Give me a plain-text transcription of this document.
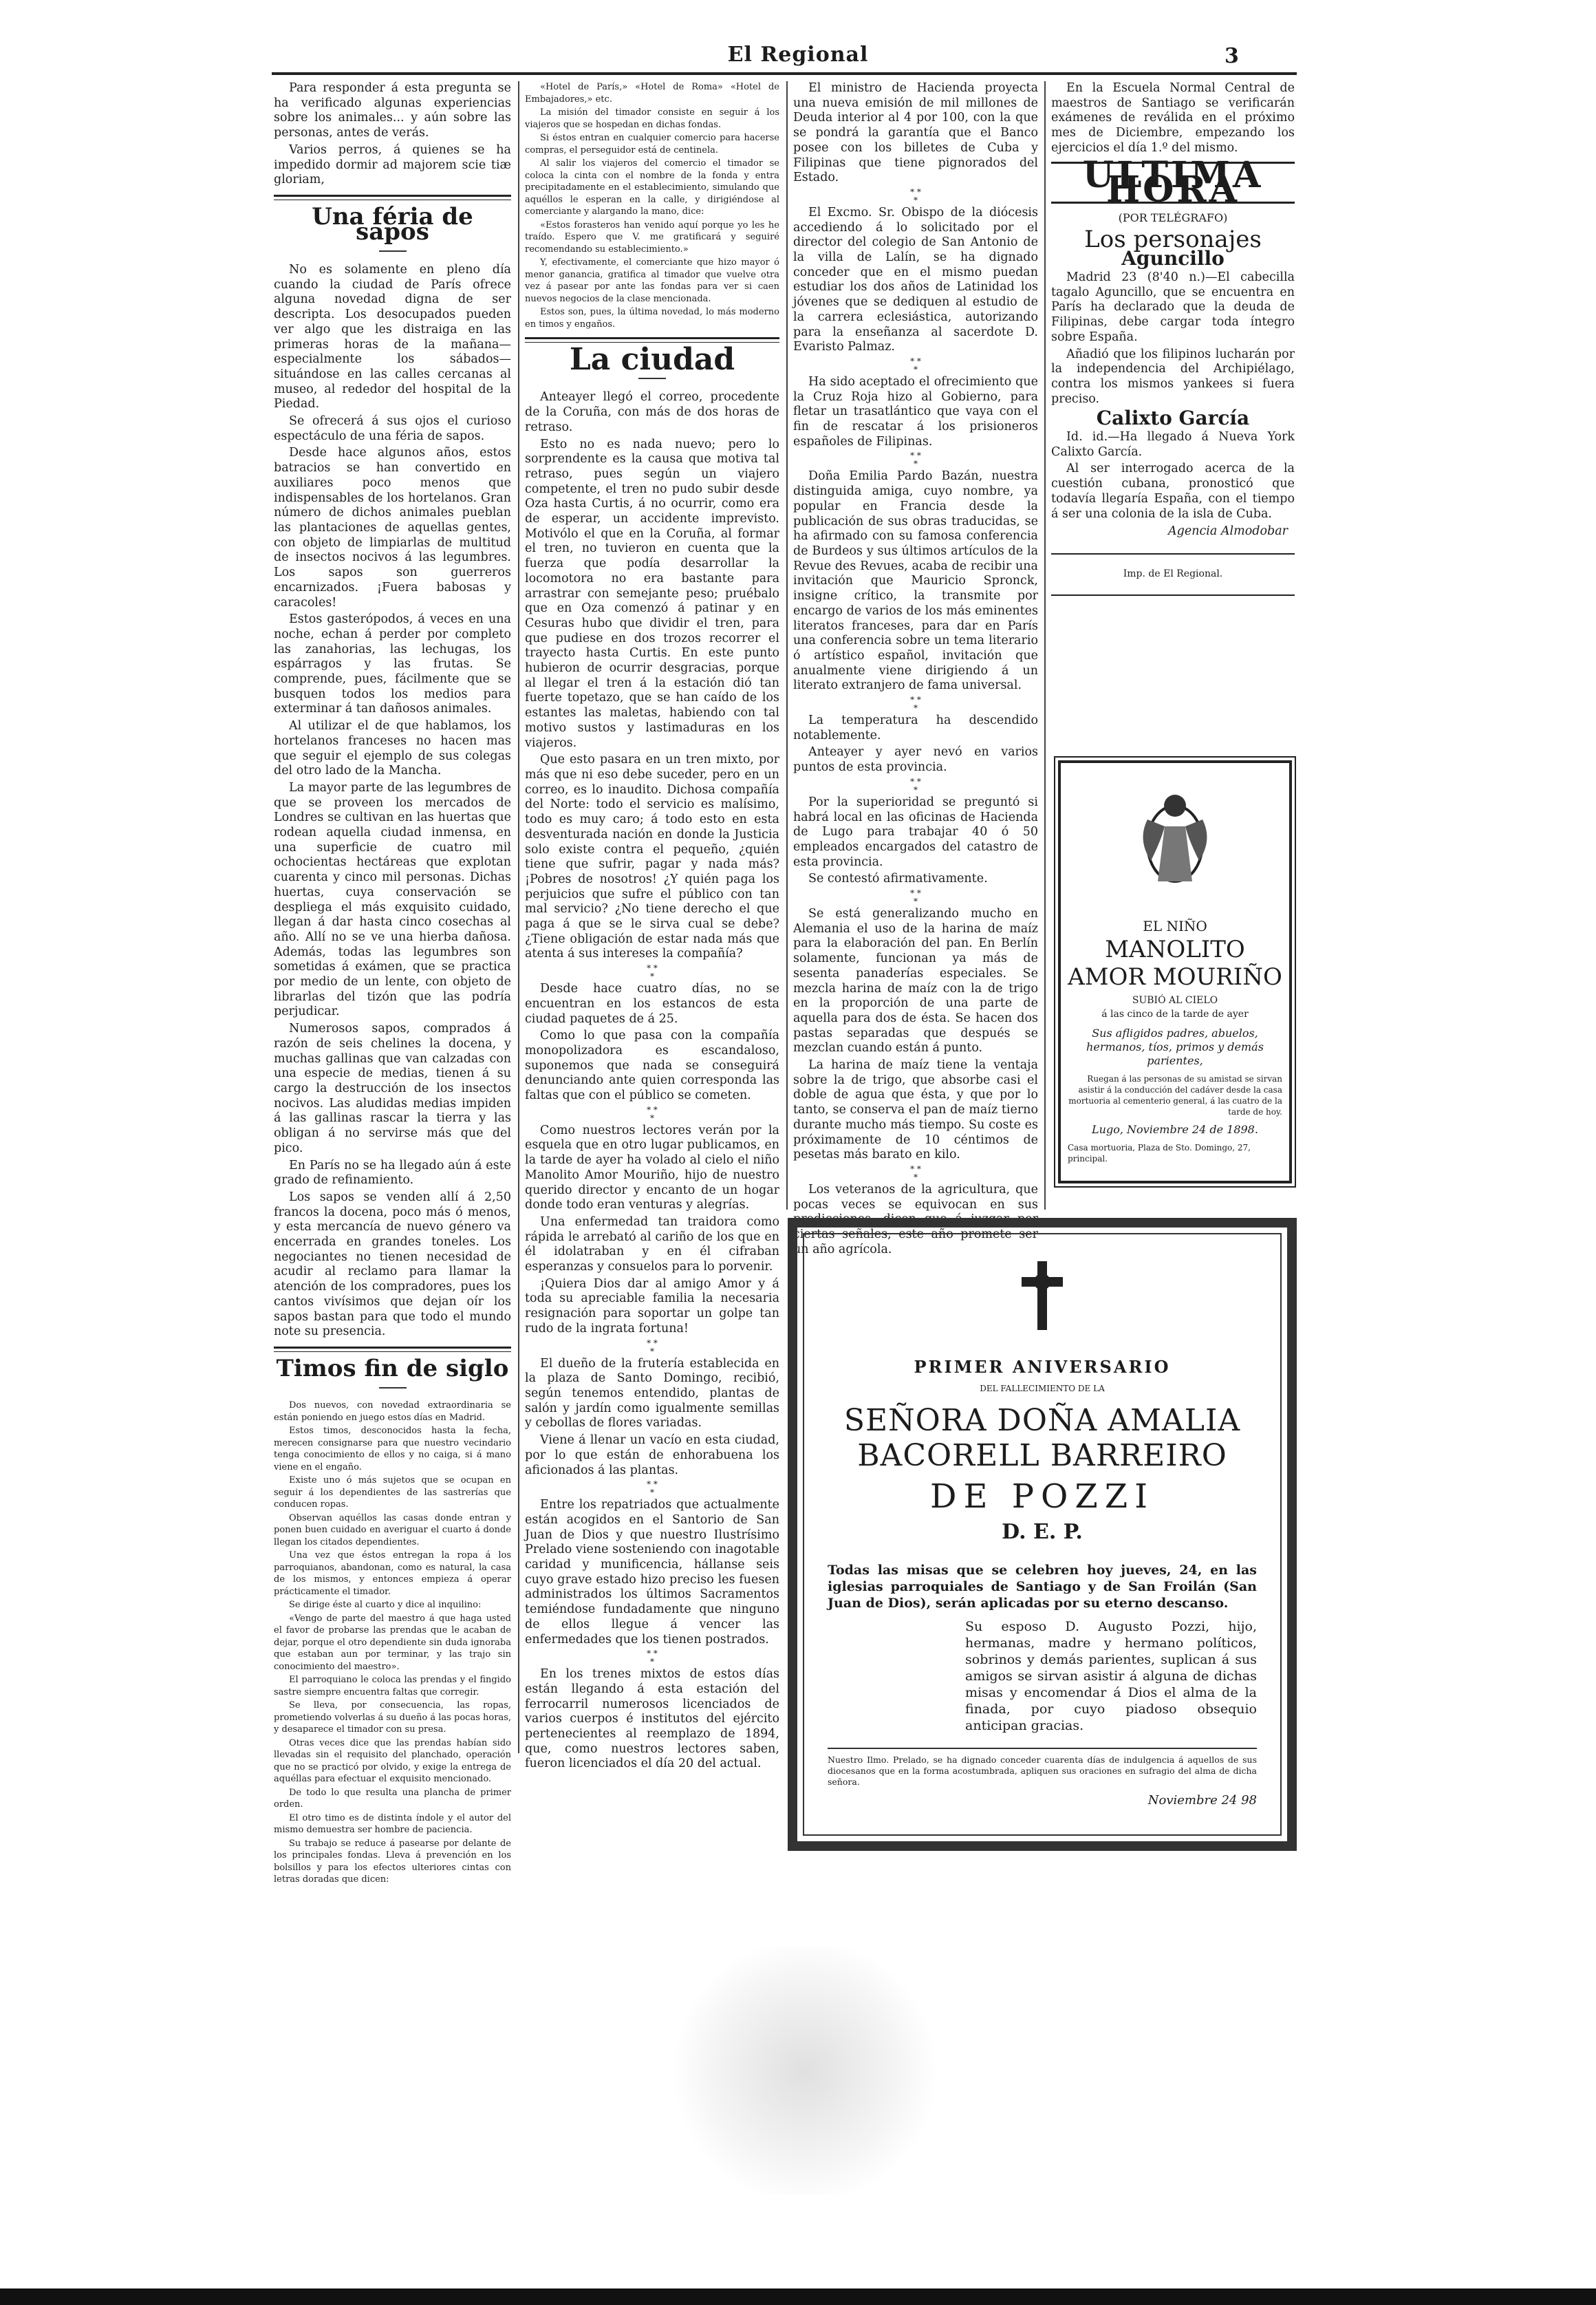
El Regional	3

Para responder á esta pregunta se ha verificado algunas experiencias sobre los animales... y aún sobre las personas, antes de verás.

Varios perros, á quienes se ha impedido dormir ad majorem scie tiæ gloriam,

Una féria de sapos

No es solamente en pleno día cuando la ciudad de París ofrece alguna novedad digna de ser descripta. Los desocupados pueden ver algo que les distraiga en las primeras horas de la mañana—especialmente los sábados—situándose en las calles cercanas al museo, al rededor del hospital de la Piedad.

Se ofrecerá á sus ojos el curioso espectáculo de una féria de sapos.

Desde hace algunos años, estos batracios se han convertido en auxiliares poco menos que indispensables de los hortelanos. Gran número de dichos animales pueblan las plantaciones de aquellas gentes, con objeto de limpiarlas de multitud de insectos nocivos á las legumbres. Los sapos son guerreros encarnizados. ¡Fuera babosas y caracoles!

Estos gasterópodos, á veces en una noche, echan á perder por completo las zanahorias, las lechugas, los espárragos y las frutas. Se comprende, pues, fácilmente que se busquen todos los medios para exterminar á tan dañosos animales.

Al utilizar el de que hablamos, los hortelanos franceses no hacen mas que seguir el ejemplo de sus colegas del otro lado de la Mancha.

La mayor parte de las legumbres de que se proveen los mercados de Londres se cultivan en las huertas que rodean aquella ciudad inmensa, en una superficie de cuatro mil ochocientas hectáreas que explotan cuarenta y cinco mil personas. Dichas huertas, cuya conservación se despliega el más exquisito cuidado, llegan á dar hasta cinco cosechas al año. Allí no se ve una hierba dañosa. Además, todas las legumbres son sometidas á exámen, que se practica por medio de un lente, con objeto de librarlas del tizón que las podría perjudicar.

Numerosos sapos, comprados á razón de seis chelines la docena, y muchas gallinas que van calzadas con una especie de medias, tienen á su cargo la destrucción de los insectos nocivos. Las aludidas medias impiden á las gallinas rascar la tierra y las obligan á no servirse más que del pico.

En París no se ha llegado aún á este grado de refinamiento.

Los sapos se venden allí á 2,50 francos la docena, poco más ó menos, y esta mercancía de nuevo género va encerrada en grandes toneles. Los negociantes no tienen necesidad de acudir al reclamo para llamar la atención de los compradores, pues los cantos vivísimos que dejan oír los sapos bastan para que todo el mundo note su presencia.

Timos fin de siglo

Dos nuevos, con novedad extraordinaria se están poniendo en juego estos días en Madrid.

Estos timos, desconocidos hasta la fecha, merecen consignarse para que nuestro vecindario tenga conocimiento de ellos y no caiga, si á mano viene en el engaño.

Existe uno ó más sujetos que se ocupan en seguir á los dependientes de las sastrerías que conducen ropas.

Observan aquéllos las casas donde entran y ponen buen cuidado en averiguar el cuarto á donde llegan los citados dependientes.

Una vez que éstos entregan la ropa á los parroquianos, abandonan, como es natural, la casa de los mismos, y entonces empieza á operar prácticamente el timador.

Se dirige éste al cuarto y dice al inquilino:

«Vengo de parte del maestro á que haga usted el favor de probarse las prendas que le acaban de dejar, porque el otro dependiente sin duda ignoraba que estaban aun por terminar, y las trajo sin conocimiento del maestro».

El parroquiano le coloca las prendas y el fingido sastre siempre encuentra faltas que corregir.

Se lleva, por consecuencia, las ropas, prometiendo volverlas á su dueño á las pocas horas, y desaparece el timador con su presa.

Otras veces dice que las prendas habían sido llevadas sin el requisito del planchado, operación que no se practicó por olvido, y exige la entrega de aquéllas para efectuar el exquisito mencionado.

De todo lo que resulta una plancha de primer orden.

El otro timo es de distinta índole y el autor del mismo demuestra ser hombre de paciencia.

Su trabajo se reduce á pasearse por delante de los principales fondas. Lleva á prevención en los bolsillos y para los efectos ulteriores cintas con letras doradas que dicen:

«Hotel de París,» «Hotel de Roma» «Hotel de Embajadores,» etc.

La misión del timador consiste en seguir á los viajeros que se hospedan en dichas fondas.

Si éstos entran en cualquier comercio para hacerse compras, el perseguidor está de centinela.

Al salir los viajeros del comercio el timador se coloca la cinta con el nombre de la fonda y entra precipitadamente en el establecimiento, simulando que aquéllos le esperan en la calle, y dirigiéndose al comerciante y alargando la mano, dice:

«Estos forasteros han venido aquí porque yo les he traído. Espero que V. me gratificará y seguiré recomendando su establecimiento.»

Y, efectivamente, el comerciante que hizo mayor ó menor ganancia, gratifica al timador que vuelve otra vez á pasear por ante las fondas para ver si caen nuevos negocios de la clase mencionada.

Estos son, pues, la última novedad, lo más moderno en timos y engaños.

La ciudad

Anteayer llegó el correo, procedente de la Coruña, con más de dos horas de retraso.

Esto no es nada nuevo; pero lo sorprendente es la causa que motiva tal retraso, pues según un viajero competente, el tren no pudo subir desde Oza hasta Curtis, á no ocurrir, como era de esperar, un accidente imprevisto. Motivólo el que en la Coruña, al formar el tren, no tuvieron en cuenta que la fuerza que podía desarrollar la locomotora no era bastante para arrastrar con semejante peso; pruébalo que en Oza comenzó á patinar y en Cesuras hubo que dividir el tren, para que pudiese en dos trozos recorrer el trayecto hasta Curtis. En este punto hubieron de ocurrir desgracias, porque al llegar el tren á la estación dió tan fuerte topetazo, que se han caído de los estantes las maletas, habiendo con tal motivo sustos y lastimaduras en los viajeros.

Que esto pasara en un tren mixto, por más que ni eso debe suceder, pero en un correo, es lo inaudito. Dichosa compañía del Norte: todo el servicio es malísimo, todo es muy caro; á todo esto en esta desventurada nación en donde la Justicia solo existe contra el pequeño, ¿quién tiene que sufrir, pagar y nada más? ¡Pobres de nosotros! ¿Y quién paga los perjuicios que sufre el público con tan mal servicio? ¿No tiene derecho el que paga á que se le sirva cual se debe? ¿Tiene obligación de estar nada más que atenta á sus intereses la compañía?

* *
*

Desde hace cuatro días, no se encuentran en los estancos de esta ciudad paquetes de á 25.

Como lo que pasa con la compañía monopolizadora es escandaloso, suponemos que nada se conseguirá denunciando ante quien corresponda las faltas que con el público se cometen.

* *
*

Como nuestros lectores verán por la esquela que en otro lugar publicamos, en la tarde de ayer ha volado al cielo el niño Manolito Amor Mouriño, hijo de nuestro querido director y encanto de un hogar donde todo eran venturas y alegrías.

Una enfermedad tan traidora como rápida le arrebató al cariño de los que en él idolatraban y en él cifraban esperanzas y consuelos para lo porvenir.

¡Quiera Dios dar al amigo Amor y á toda su apreciable familia la necesaria resignación para soportar un golpe tan rudo de la ingrata fortuna!

* *
*

El dueño de la frutería establecida en la plaza de Santo Domingo, recibió, según tenemos entendido, plantas de salón y jardín como igualmente semillas y cebollas de flores variadas.

Viene á llenar un vacío en esta ciudad, por lo que están de enhorabuena los aficionados á las plantas.

* *
*

Entre los repatriados que actualmente están acogidos en el Santorio de San Juan de Dios y que nuestro Ilustrísimo Prelado viene sosteniendo con inagotable caridad y munificencia, hállanse seis cuyo grave estado hizo preciso les fuesen administrados los últimos Sacramentos temiéndose fundadamente que ninguno de ellos llegue á vencer las enfermedades que los tienen postrados.

* *
*

En los trenes mixtos de estos días están llegando á esta estación del ferrocarril numerosos licenciados de varios cuerpos é institutos del ejército pertenecientes al reemplazo de 1894, que, como nuestros lectores saben, fueron licenciados el día 20 del actual.

El ministro de Hacienda proyecta una nueva emisión de mil millones de Deuda interior al 4 por 100, con la que se pondrá la garantía que el Banco posee con los billetes de Cuba y Filipinas que tiene pignorados del Estado.

* *
*

El Excmo. Sr. Obispo de la diócesis accediendo á lo solicitado por el director del colegio de San Antonio de la villa de Lalín, se ha dignado conceder que en el mismo puedan estudiar los dos años de Latinidad los jóvenes que se dediquen al estudio de la carrera eclesiástica, autorizando para la enseñanza al sacerdote D. Evaristo Palmaz.

* *
*

Ha sido aceptado el ofrecimiento que la Cruz Roja hizo al Gobierno, para fletar un trasatlántico que vaya con el fin de rescatar á los prisioneros españoles de Filipinas.

* *
*

Doña Emilia Pardo Bazán, nuestra distinguida amiga, cuyo nombre, ya popular en Francia desde la publicación de sus obras traducidas, se ha afirmado con su famosa conferencia de Burdeos y sus últimos artículos de la Revue des Revues, acaba de recibir una invitación que Mauricio Spronck, insigne crítico, la transmite por encargo de varios de los más eminentes literatos franceses, para dar en París una conferencia sobre un tema literario ó artístico español, invitación que anualmente viene dirigiendo á un literato extranjero de fama universal.

* *
*

La temperatura ha descendido notablemente.

Anteayer y ayer nevó en varios puntos de esta provincia.

* *
*

Por la superioridad se preguntó si habrá local en las oficinas de Hacienda de Lugo para trabajar 40 ó 50 empleados encargados del catastro de esta provincia.

Se contestó afirmativamente.

* *
*

Se está generalizando mucho en Alemania el uso de la harina de maíz para la elaboración del pan. En Berlín solamente, funcionan ya más de sesenta panaderías especiales. Se mezcla harina de maíz con la de trigo en la proporción de una parte de aquella para dos de ésta. Se hacen dos pastas separadas que después se mezclan cuando están á punto.

La harina de maíz tiene la ventaja sobre la de trigo, que absorbe casi el doble de agua que ésta, y que por lo tanto, se conserva el pan de maíz tierno durante mucho más tiempo. Su coste es próximamente de 10 céntimos de pesetas más barato en kilo.

* *
*

Los veteranos de la agricultura, que pocas veces se equivocan en sus predicciones, dicen que á juzgar por ciertas señales, este año promete ser un año agrícola.

En la Escuela Normal Central de maestros de Santiago se verificarán exámenes de reválida en el próximo mes de Diciembre, empezando los ejercicios el día 1.º del mismo.

ULTIMA HORA
(POR TELÉGRAFO)
Los personajes
Aguncillo

Madrid 23 (8'40 n.)—El cabecilla tagalo Aguncillo, que se encuentra en París ha declarado que la deuda de Filipinas, debe cargar toda íntegro sobre España.

Añadió que los filipinos lucharán por la independencia del Archipiélago, contra los mismos yankees si fuera preciso.

Calixto García

Id. id.—Ha llegado á Nueva York Calixto García.

Al ser interrogado acerca de la cuestión cubana, pronosticó que todavía llegaría España, con el tiempo á ser una colonia de la isla de Cuba.

Agencia Almodobar
Imp. de El Regional.
EL NIÑO
MANOLITO AMOR MOURIÑO
SUBIÓ AL CIELO
á las cinco de la tarde de ayer
Sus afligidos padres, abuelos, hermanos, tíos, primos y demás parientes,
Ruegan á las personas de su amistad se sirvan asistir á la conducción del cadáver desde la casa mortuoria al cementerio general, á las cuatro de la tarde de hoy.
Lugo, Noviembre 24 de 1898.
Casa mortuoria, Plaza de Sto. Domingo, 27, principal.
PRIMER ANIVERSARIO
DEL FALLECIMIENTO DE LA
SEÑORA DOÑA AMALIA BACORELL BARREIRO
DE POZZI
D. E. P.
Todas las misas que se celebren hoy jueves, 24, en las iglesias parroquiales de Santiago y de San Froilán (San Juan de Dios), serán aplicadas por su eterno descanso.
Su esposo D. Augusto Pozzi, hijo, hermanas, madre y hermano políticos, sobrinos y demás parientes, suplican á sus amigos se sirvan asistir á alguna de dichas misas y encomendar á Dios el alma de la finada, por cuyo piadoso obsequio anticipan gracias.
Nuestro Ilmo. Prelado, se ha dignado conceder cuarenta días de indulgencia á aquellos de sus diocesanos que en la forma acostumbrada, apliquen sus oraciones en sufragio del alma de dicha señora.
Noviembre 24 98
